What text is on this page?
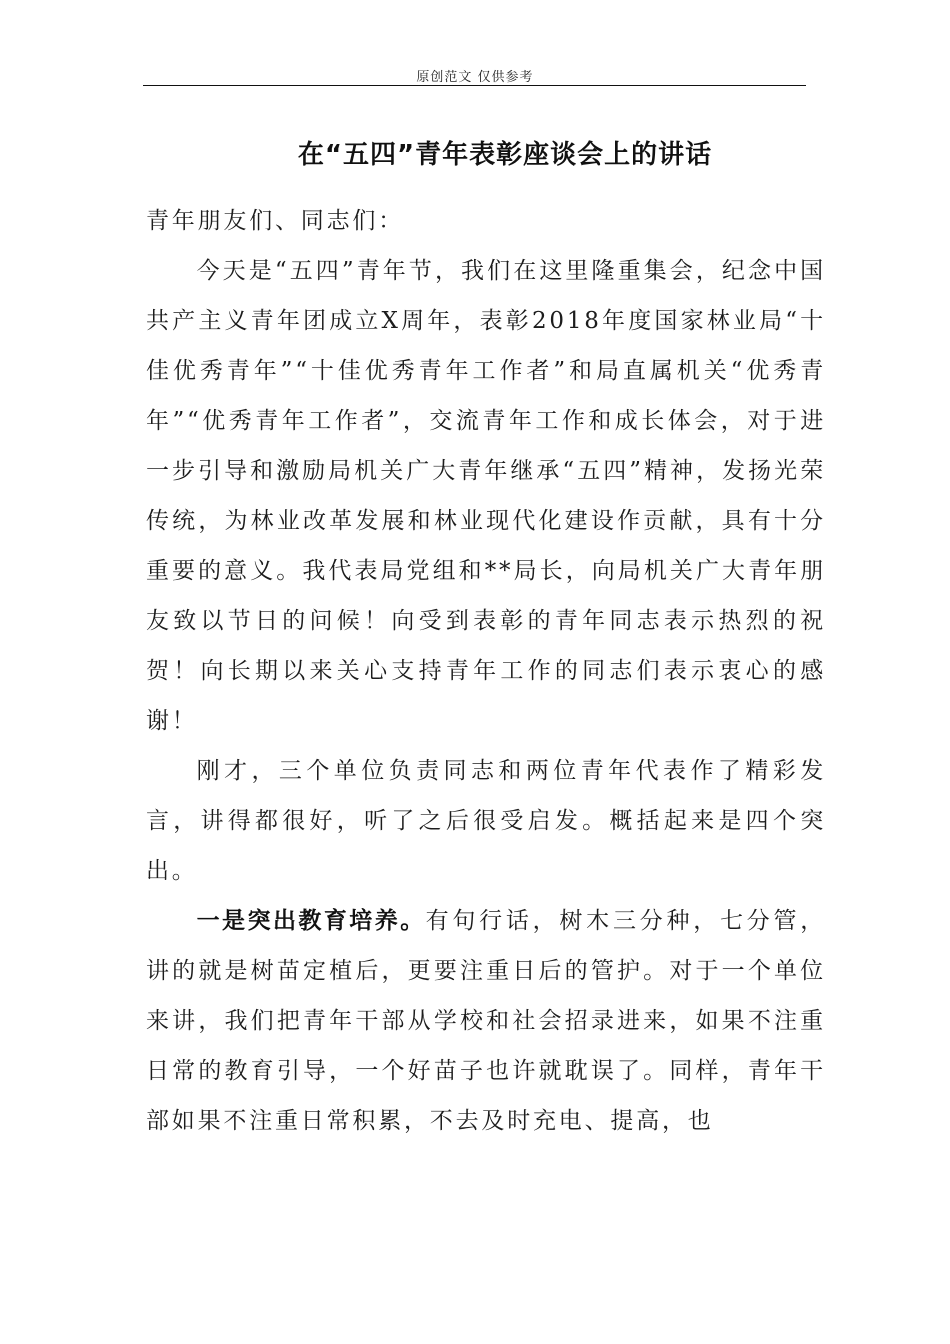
原创范文 仅供参考
在“五四”青年表彰座谈会上的讲话

青年朋友们、同志们：

今天是“五四”青年节，我们在这里隆重集会，纪念中国共产主义青年团成立X周年，表彰2018年度国家林业局“十佳优秀青年”“十佳优秀青年工作者”和局直属机关“优秀青年”“优秀青年工作者”，交流青年工作和成长体会，对于进一步引导和激励局机关广大青年继承“五四”精神，发扬光荣传统，为林业改革发展和林业现代化建设作贡献，具有十分重要的意义。我代表局党组和**局长，向局机关广大青年朋友致以节日的问候！向受到表彰的青年同志表示热烈的祝贺！向长期以来关心支持青年工作的同志们表示衷心的感谢！

刚才，三个单位负责同志和两位青年代表作了精彩发言，讲得都很好，听了之后很受启发。概括起来是四个突出。

一是突出教育培养。有句行话，树木三分种，七分管，讲的就是树苗定植后，更要注重日后的管护。对于一个单位来讲，我们把青年干部从学校和社会招录进来，如果不注重日常的教育引导，一个好苗子也许就耽误了。同样，青年干部如果不注重日常积累，不去及时充电、提高，也
